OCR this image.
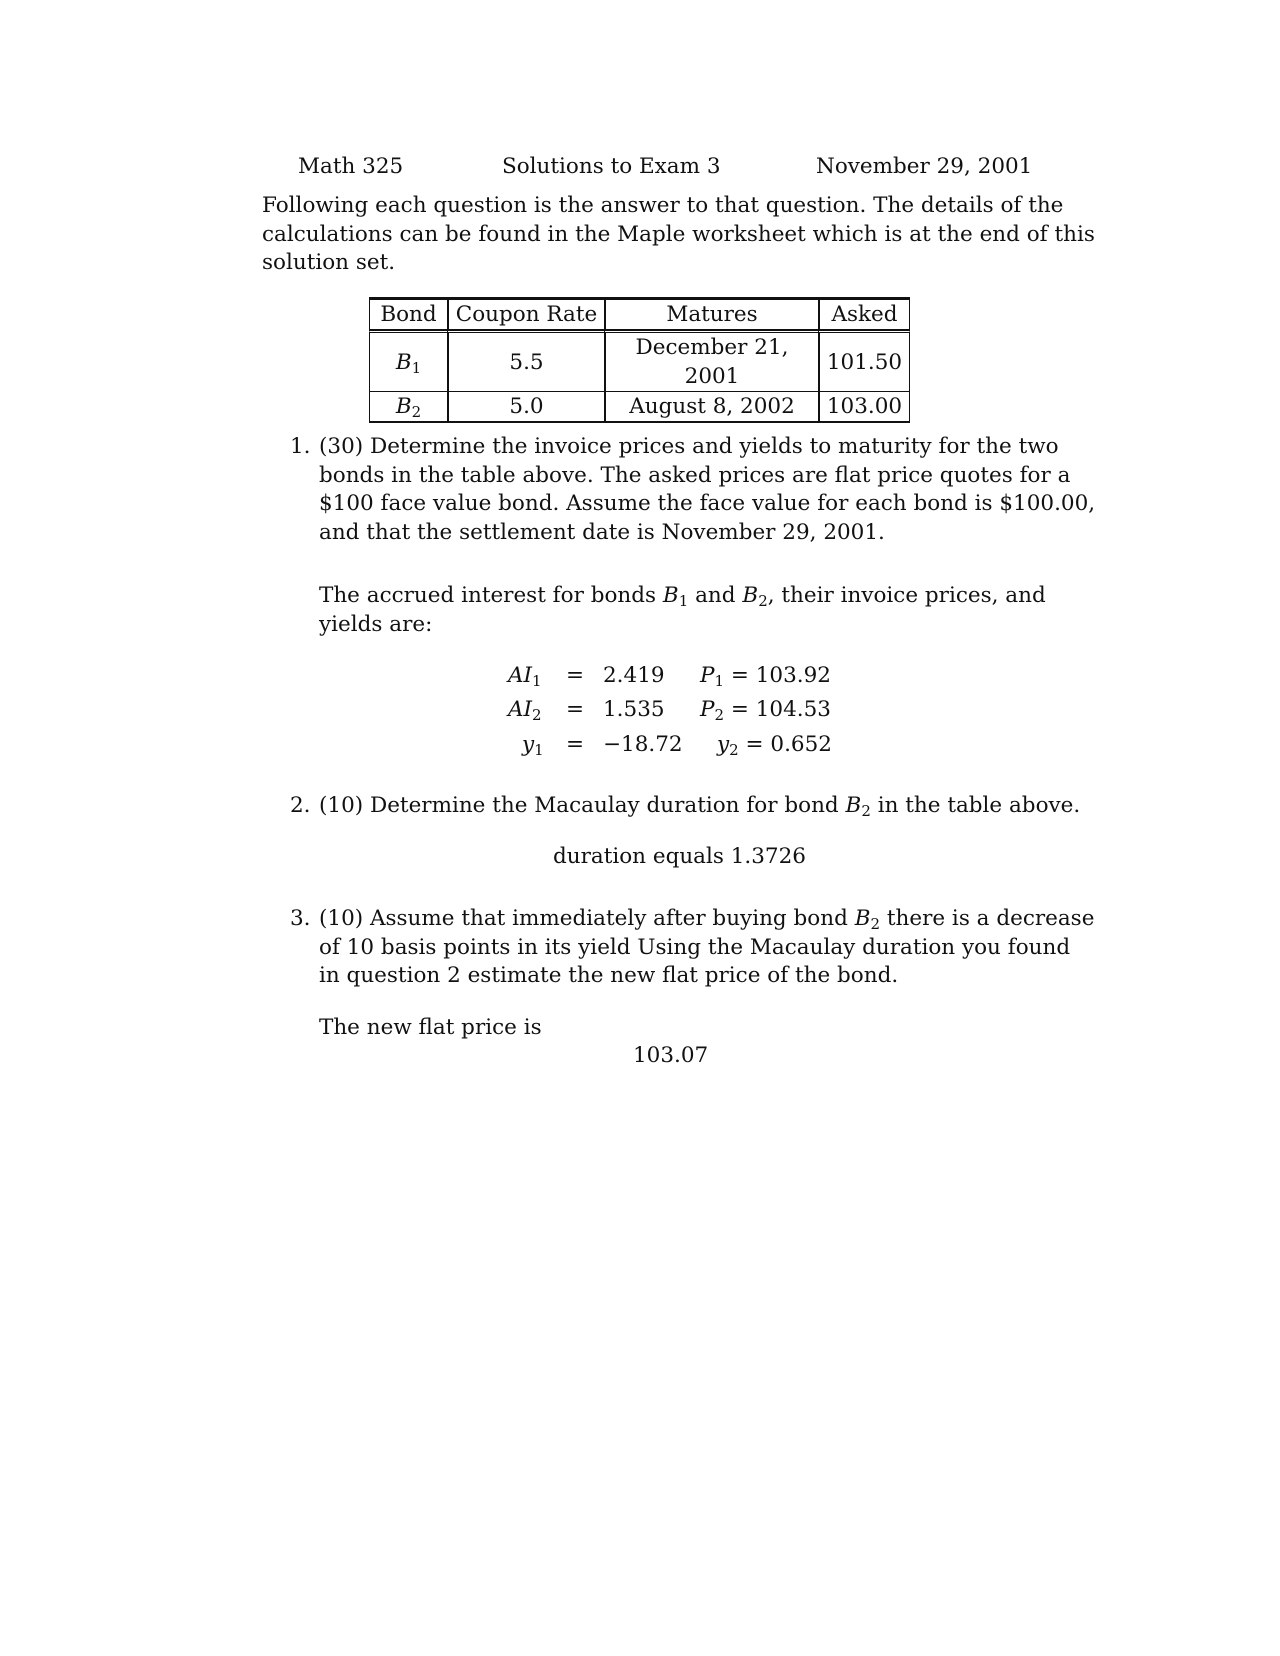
Math 325	Solutions to Exam 3	November 29, 2001
Following each question is the answer to that question. The details of the
calculations can be found in the Maple worksheet which is at the end of this
solution set.
Bond	Coupon Rate	Matures	Asked
$B_1$	5.5	December 21, 2001	101.50
$B_2$	5.0	August 8, 2002	103.00
1. (30) Determine the invoice prices and yields to maturity for the two
bonds in the table above. The asked prices are flat price quotes for a
$100 face value bond. Assume the face value for each bond is $100.00,
and that the settlement date is November 29, 2001.
The accrued interest for bonds $B_1$ and $B_2$, their invoice prices, and
yields are:
$AI_1 = 2.419$ $P_1 = 103.92$
$AI_2 = 1.535$ $P_2 = 104.53$
$y_1 = -18.72$ $y_2 = 0.652$
2. (10) Determine the Macaulay duration for bond $B_2$ in the table above.
duration equals 1.3726
3. (10) Assume that immediately after buying bond $B_2$ there is a decrease
of 10 basis points in its yield Using the Macaulay duration you found
in question 2 estimate the new flat price of the bond.
The new flat price is
103.07
